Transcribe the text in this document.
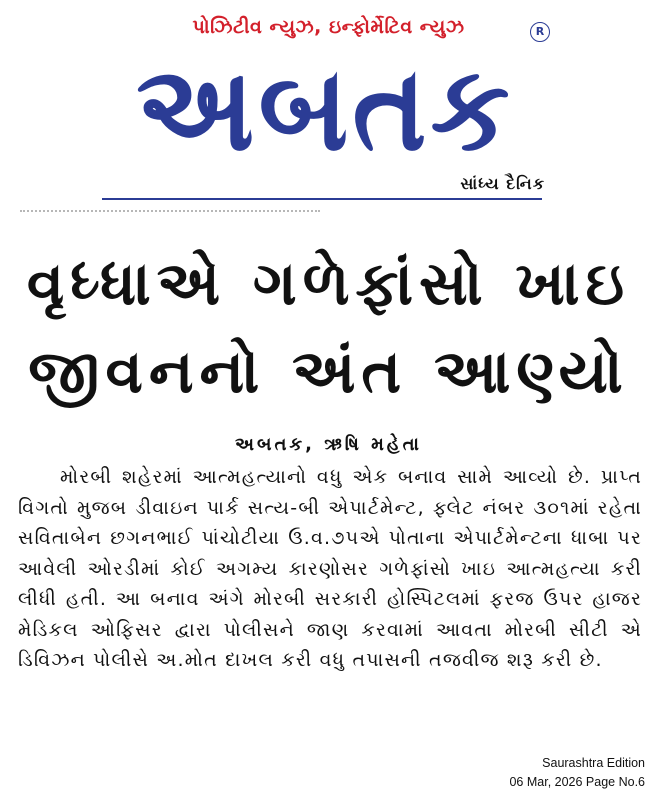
પોઝિટીવ ન્યુઝ, ઇન્ફોર્મેટિવ ન્યુઝ
અબતક
R
સાંધ્ય દૈનિક
વૃધ્ધાએ ગળેફાંસો ખાઇ જીવનનો અંત આણ્યો
અબતક, ઋષિ મહેતા

મોરબી શહેરમાં આત્મહત્યાનો વધુ એક બનાવ સામે આવ્યો છે. પ્રાપ્ત વિગતો મુજબ ડીવાઇન પાર્ક સત્ય-બી એપાર્ટમેન્ટ, ફ્લેટ નંબર ૩૦૧માં રહેતા સવિતાબેન છગનભાઈ પાંચોટીયા ઉ.વ.૭૫એ પોતાના એપાર્ટમેન્ટના ધાબા પર આવેલી ઓરડીમાં કોઈ અગમ્ય કારણોસર ગળેફાંસો ખાઇ આત્મહત્યા કરી લીધી હતી. આ બનાવ અંગે મોરબી સરકારી હોસ્પિટલમાં ફરજ ઉપર હાજર મેડિકલ ઓફિસર દ્વારા પોલીસને જાણ કરવામાં આવતા મોરબી સીટી એ ડિવિઝન પોલીસે અ.મોત દાખલ કરી વધુ તપાસની તજવીજ શરૂ કરી છે.

Saurashtra Edition
06 Mar, 2026 Page No.6
